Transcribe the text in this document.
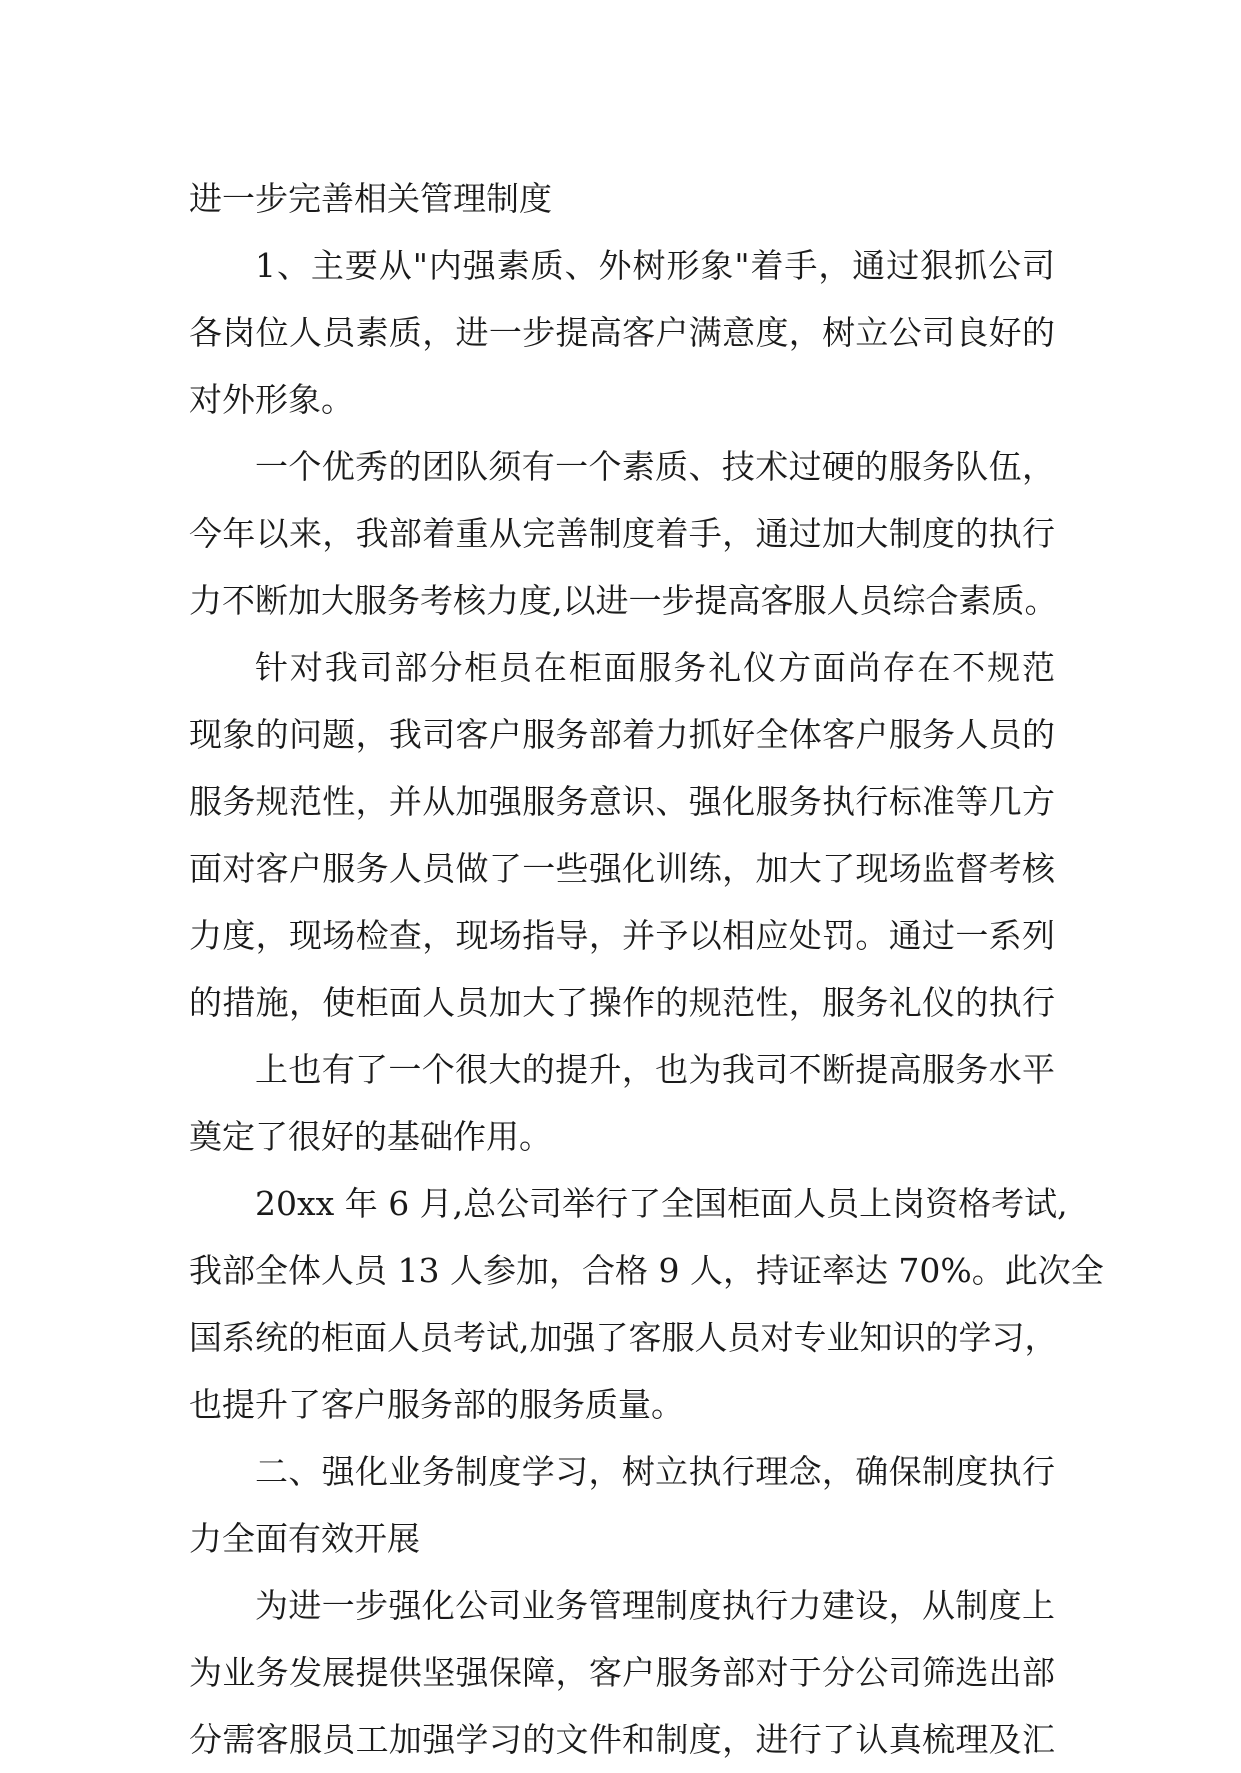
进一步完善相关管理制度
1、主要从"内强素质、外树形象"着手，通过狠抓公司
各岗位人员素质，进一步提高客户满意度，树立公司良好的
对外形象。
一个优秀的团队须有一个素质、技术过硬的服务队伍，
今年以来，我部着重从完善制度着手，通过加大制度的执行
力不断加大服务考核力度,以进一步提高客服人员综合素质。
针对我司部分柜员在柜面服务礼仪方面尚存在不规范
现象的问题，我司客户服务部着力抓好全体客户服务人员的
服务规范性，并从加强服务意识、强化服务执行标准等几方
面对客户服务人员做了一些强化训练，加大了现场监督考核
力度，现场检查，现场指导，并予以相应处罚。通过一系列
的措施，使柜面人员加大了操作的规范性，服务礼仪的执行
上也有了一个很大的提升，也为我司不断提高服务水平
奠定了很好的基础作用。
20xx 年 6 月,总公司举行了全国柜面人员上岗资格考试,
我部全体人员 13 人参加，合格 9 人，持证率达 70%。此次全
国系统的柜面人员考试,加强了客服人员对专业知识的学习，
也提升了客户服务部的服务质量。
二、强化业务制度学习，树立执行理念，确保制度执行
力全面有效开展
为进一步强化公司业务管理制度执行力建设，从制度上
为业务发展提供坚强保障，客户服务部对于分公司筛选出部
分需客服员工加强学习的文件和制度，进行了认真梳理及汇
